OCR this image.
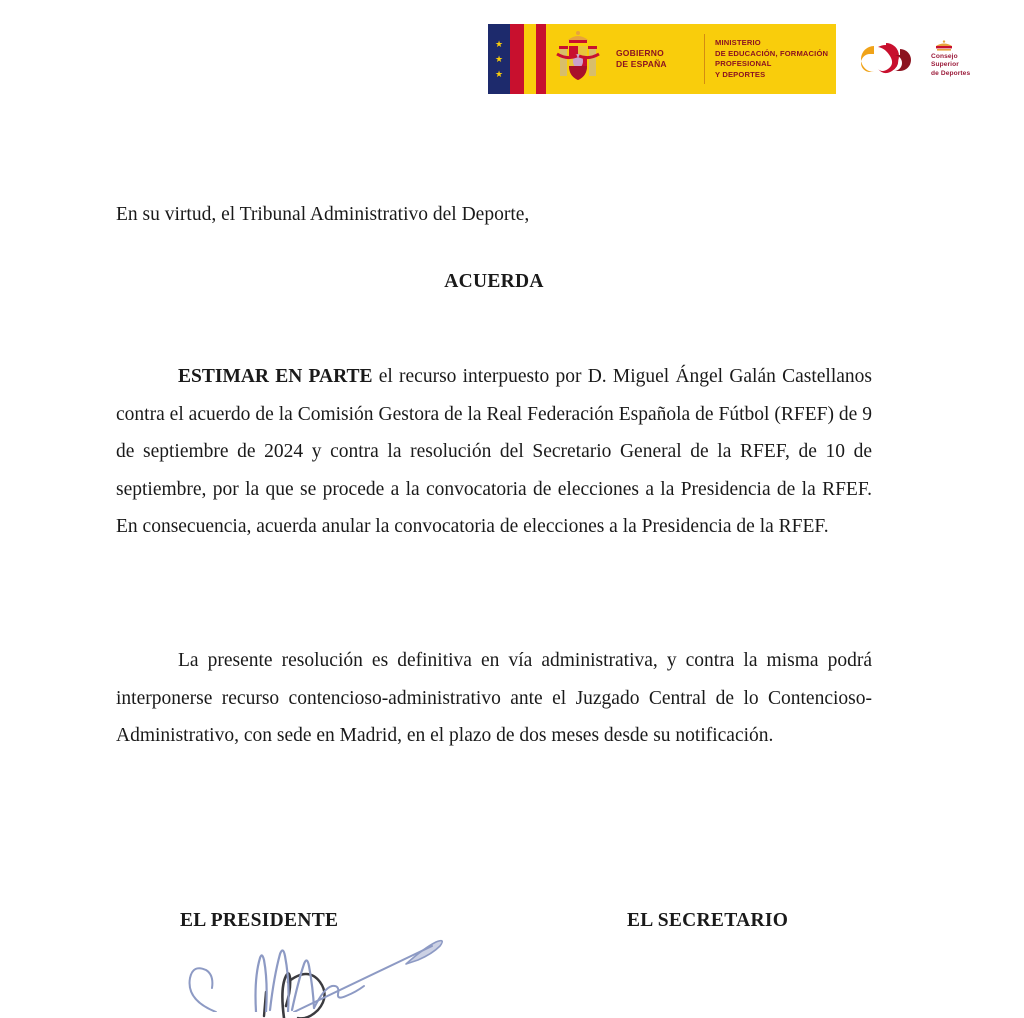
★
★
★
GOBIERNO
DE ESPAÑA
MINISTERIO
DE EDUCACIÓN, FORMACIÓN PROFESIONAL
Y DEPORTES
Consejo
Superior
de Deportes

En su virtud, el Tribunal Administrativo del Deporte,

ACUERDA

ESTIMAR EN PARTE el recurso interpuesto por D. Miguel Ángel Galán Castellanos contra el acuerdo de la Comisión Gestora de la Real Federación Española de Fútbol (RFEF) de 9 de septiembre de 2024 y contra la resolución del Secretario General de la RFEF, de 10 de septiembre, por la que se procede a la convocatoria de elecciones a la Presidencia de la RFEF. En consecuencia, acuerda anular la convocatoria de elecciones a la Presidencia de la RFEF.

La presente resolución es definitiva en vía administrativa, y contra la misma podrá interponerse recurso contencioso-administrativo ante el Juzgado Central de lo Contencioso-Administrativo, con sede en Madrid, en el plazo de dos meses desde su notificación.

EL PRESIDENTE	EL SECRETARIO
